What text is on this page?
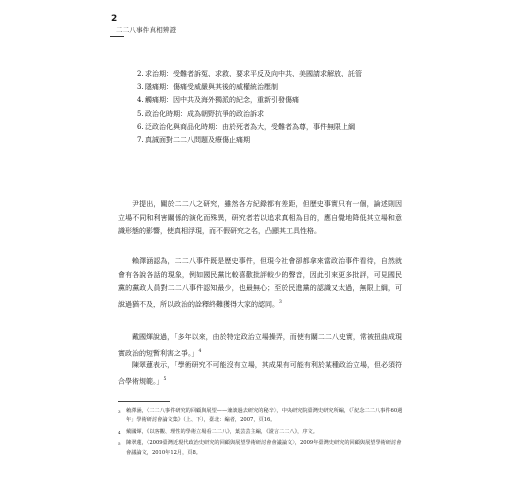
2
二二八事件真相辨證
2. 求治期：受難者訴冤、求救、要求平反及向中共、美國請求解放、託管
3. 隱痛期：傷痛受威嚴與其後的威權統治壓制
4. 觸痛期：因中共及海外獨派的紀念，重新引發傷痛
5. 政治化時期：成為朝野抗爭的政治訴求
6. 泛政治化與商品化時期：由於死者為大，受難者為尊，事件無限上綱
7. 真誠面對二二八問題及療傷止痛期

尹提出，關於二二八之研究，雖然各方紀錄都有差距，但歷史事實只有一個，論述則因立場不同和利害關係的演化而殊異，研究者若以追求真相為目的，應自覺地降低其立場和意識形態的影響，使真相浮現，而不假研究之名，凸顯其工具性格。

賴澤涵認為，二二八事件既是歷史事件，但現今社會卻都拿來當政治事件看待，自然就會有各說各話的現象，例如國民黨比較喜歡批評較少的聲音，因此引來更多批評，可見國民黨的黨政人員對二二八事件認知最少，也最無心；至於民進黨的認識又太過，無限上綱，可說過猶不及，所以政治的詮釋終難獲得大家的認同。$^3$

戴國煇說過，「多年以來，由於特定政治立場操弄，而使有關二二八史實，常被扭曲成現實政治的短暫利害之爭。」$^4$

陳翠蓮表示，「學術研究不可能沒有立場，其成果有可能有利於某種政治立場，但必須符合學術規範。」$^5$

3	賴澤涵，〈二二八事件研究的回顧與展望——兼談過去研究的秘辛〉，中央研究院臺灣史研究所編，《「紀念二二八事件60週年」學術研討會論文集》（上、下），臺北：編者，2007，頁16。
4	戴國煇，《以客觀、理性的學術立場看二二八》，葉芸芸主編，《證言二二八》，序文。
5	陳翠蓮，〈2009臺灣近現代政治史研究的回顧與展望學術研討會會議論文〉，2009年臺灣史研究的回顧與展望學術研討會會議論文，2010年12月，頁8。
